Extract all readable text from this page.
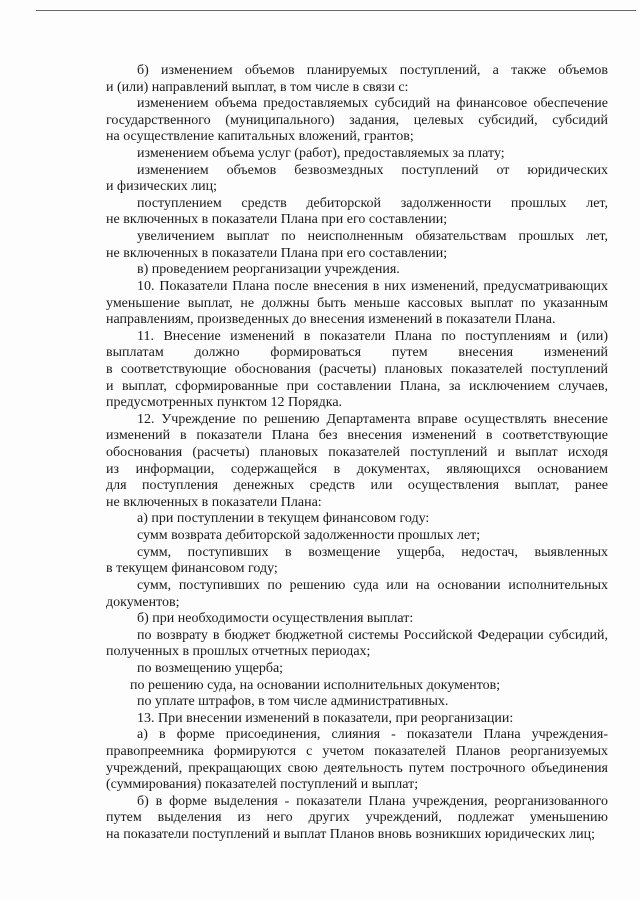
б) изменением объемов планируемых поступлений, а также объемов
и (или) направлений выплат, в том числе в связи с:
изменением объема предоставляемых субсидий на финансовое обеспечение
государственного (муниципального) задания, целевых субсидий, субсидий
на осуществление капитальных вложений, грантов;
изменением объема услуг (работ), предоставляемых за плату;
изменением объемов безвозмездных поступлений от юридических
и физических лиц;
поступлением средств дебиторской задолженности прошлых лет,
не включенных в показатели Плана при его составлении;
увеличением выплат по неисполненным обязательствам прошлых лет,
не включенных в показатели Плана при его составлении;
в) проведением реорганизации учреждения.
10. Показатели Плана после внесения в них изменений, предусматривающих
уменьшение выплат, не должны быть меньше кассовых выплат по указанным
направлениям, произведенных до внесения изменений в показатели Плана.
11. Внесение изменений в показатели Плана по поступлениям и (или)
выплатам должно формироваться путем внесения изменений
в соответствующие обоснования (расчеты) плановых показателей поступлений
и выплат, сформированные при составлении Плана, за исключением случаев,
предусмотренных пунктом 12 Порядка.
12. Учреждение по решению Департамента вправе осуществлять внесение
изменений в показатели Плана без внесения изменений в соответствующие
обоснования (расчеты) плановых показателей поступлений и выплат исходя
из информации, содержащейся в документах, являющихся основанием
для поступления денежных средств или осуществления выплат, ранее
не включенных в показатели Плана:
а) при поступлении в текущем финансовом году:
сумм возврата дебиторской задолженности прошлых лет;
сумм, поступивших в возмещение ущерба, недостач, выявленных
в текущем финансовом году;
сумм, поступивших по решению суда или на основании исполнительных
документов;
б) при необходимости осуществления выплат:
по возврату в бюджет бюджетной системы Российской Федерации субсидий,
полученных в прошлых отчетных периодах;
по возмещению ущерба;
по решению суда, на основании исполнительных документов;
по уплате штрафов, в том числе административных.
13. При внесении изменений в показатели, при реорганизации:
а) в форме присоединения, слияния - показатели Плана учреждения-
правопреемника формируются с учетом показателей Планов реорганизуемых
учреждений, прекращающих свою деятельность путем построчного объединения
(суммирования) показателей поступлений и выплат;
б) в форме выделения - показатели Плана учреждения, реорганизованного
путем выделения из него других учреждений, подлежат уменьшению
на показатели поступлений и выплат Планов вновь возникших юридических лиц;
